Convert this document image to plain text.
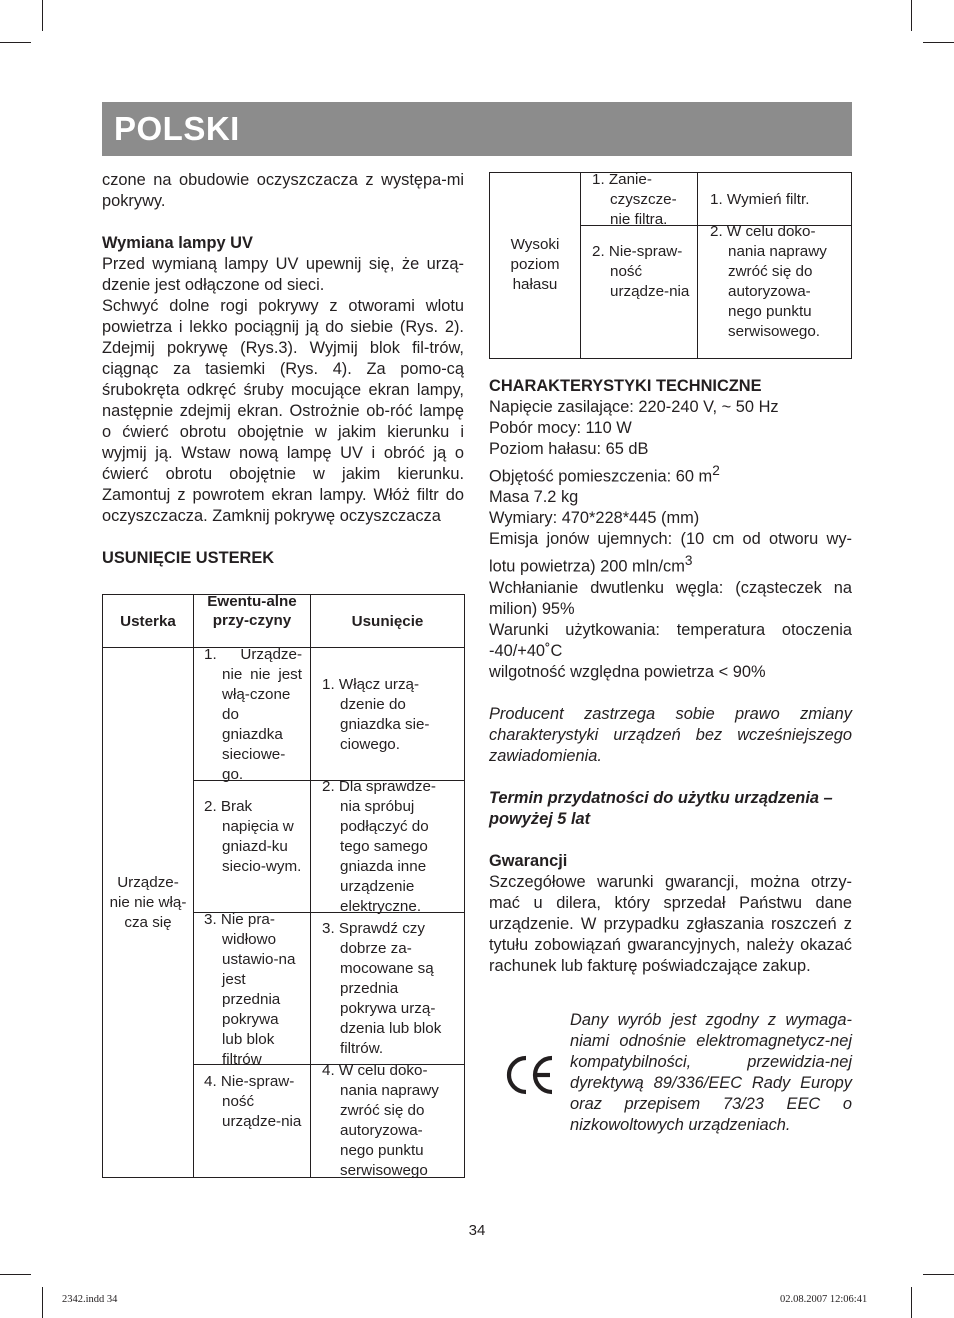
POLSKI

czone na obudowie oczyszczacza z występa-mi pokrywy.

Wymiana lampy UV

Przed wymianą lampy UV upewnij się, że urzą-dzenie jest odłączone od sieci.

Schwyć dolne rogi pokrywy z otworami wlotu powietrza i lekko pociągnij ją do siebie (Rys. 2). Zdejmij pokrywę (Rys.3). Wyjmij blok fil-trów, ciągnąc za tasiemki (Rys. 4). Za pomo-cą śrubokręta odkręć śruby mocujące ekran lampy, następnie zdejmij ekran. Ostrożnie ob-róć lampę o ćwierć obrotu obojętnie w jakim kierunku i wyjmij ją. Wstaw nową lampę UV i obróć ją o ćwierć obrotu obojętnie w jakim kierunku. Zamontuj z powrotem ekran lampy. Włóż filtr do oczyszczacza. Zamknij pokrywę oczyszczacza

USUNIĘCIE USTEREK

Usterka
Ewentu-alne przy-czyny	Usunięcie
Urządze-nie nie włą-cza się
1. Urządze-nie nie jest włą-czone do gniazdka sieciowe-go.
2. Brak napięcia w gniazd-ku siecio-wym.
3. Nie pra-widłowo ustawio-na jest przednia pokrywa lub blok filtrów
4. Nie-spraw-ność urządze-nia
1. Włącz urzą-dzenie do gniazdka sie-ciowego.
2. Dla sprawdze-nia spróbuj podłączyć do tego samego gniazda inne urządzenie elektryczne.
3. Sprawdź czy dobrze za-mocowane są przednia pokrywa urzą-dzenia lub blok filtrów.
4. W celu doko-nania naprawy zwróć się do autoryzowa-nego punktu serwisowego
Wysoki poziom hałasu
1. Zanie-czyszcze-nie filtra.
2. Nie-spraw-ność urządze-nia
1. Wymień filtr.
2. W celu doko-nania naprawy zwróć się do autoryzowa-nego punktu serwisowego.

CHARAKTERYSTYKI TECHNICZNE

Napięcie zasilające: 220-240 V, ~ 50 Hz

Pobór mocy: 110 W

Poziom hałasu: 65 dB

Objętość pomieszczenia: 60 $m^2$

Masa 7.2 kg

Wymiary: 470*228*445 (mm)

Emisja jonów ujemnych: (10 cm od otworu wy-lotu powietrza) 200 mln/$cm^3$

Wchłanianie dwutlenku węgla: (cząsteczek na milion) 95%

Warunki użytkowania: temperatura otoczenia -40/+40˚C

wilgotność względna powietrza < 90%

Producent zastrzega sobie prawo zmiany charakterystyki urządzeń bez wcześniejszego zawiadomienia.

Termin przydatności do użytku urządzenia – powyżej 5 lat

Gwarancji

Szczegółowe warunki gwarancji, można otrzy-mać u dilera, który sprzedał Państwu dane urządzenie. W przypadku zgłaszania roszczeń z tytułu zobowiązań gwarancyjnych, należy okazać rachunek lub fakturę poświadczające zakup.

Dany wyrób jest zgodny z wymaga-niami odnośnie elektromagnetycz-nej kompatybilności, przewidzia-nej dyrektywą 89/336/EEC Rady Europy oraz przepisem 73/23 EEC o nizkowoltowych urządzeniach.
34
2342.indd 34	02.08.2007 12:06:41
